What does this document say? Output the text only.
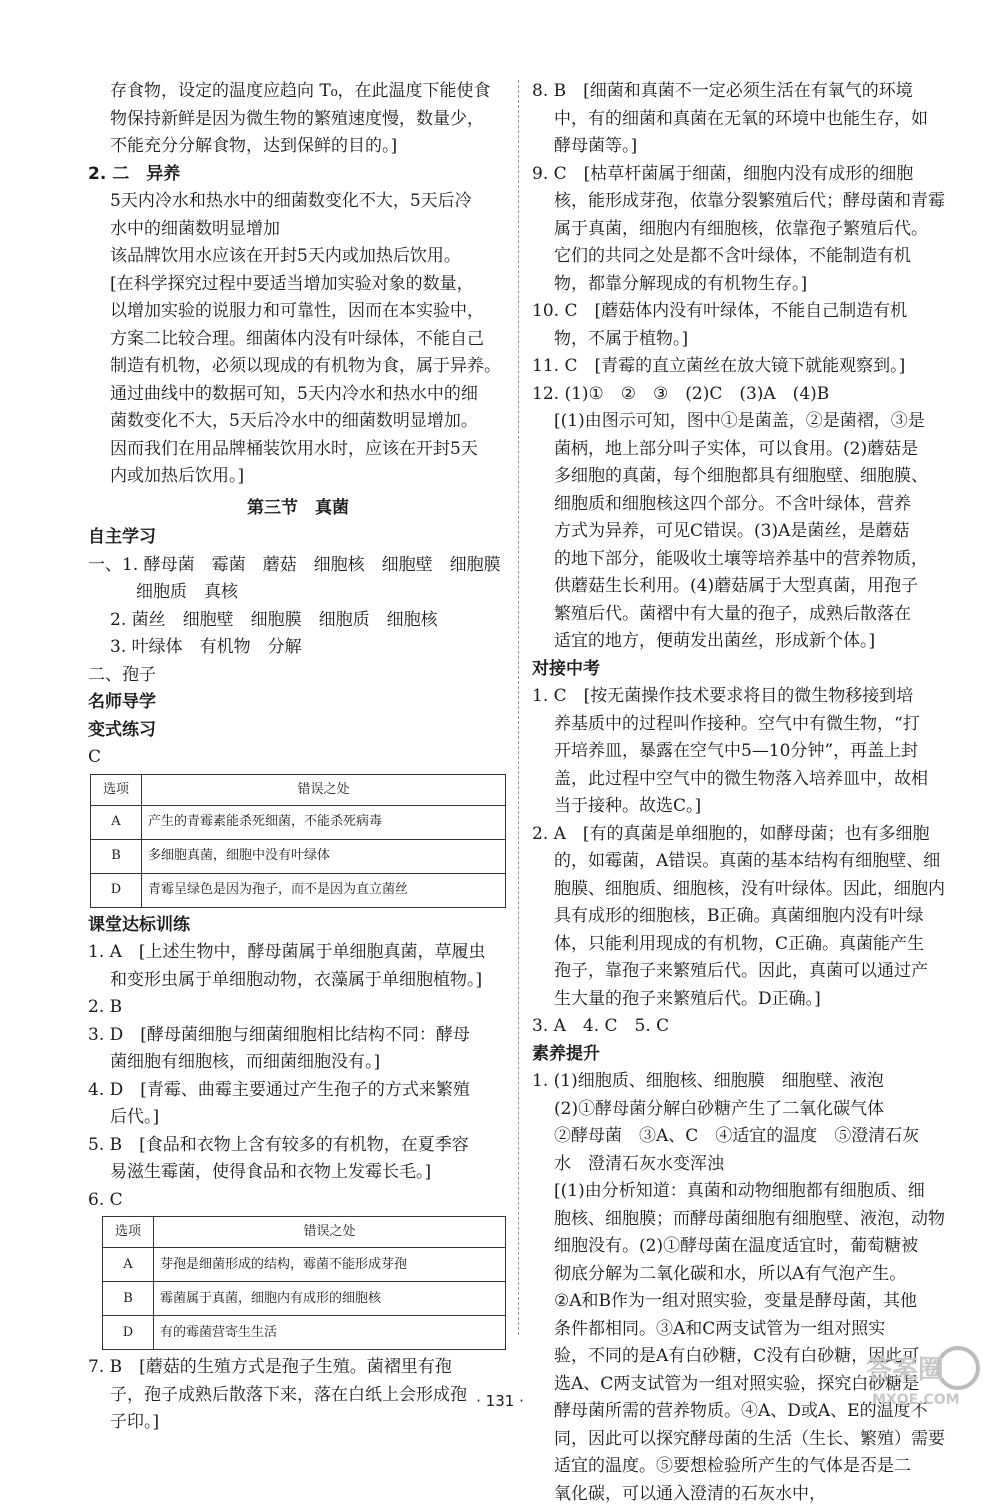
存食物，设定的温度应趋向 T₀，在此温度下能使食

物保持新鲜是因为微生物的繁殖速度慢，数量少，

不能充分分解食物，达到保鲜的目的。]

2. 二　异养

5天内冷水和热水中的细菌数变化不大，5天后冷

水中的细菌数明显增加

该品牌饮用水应该在开封5天内或加热后饮用。

[在科学探究过程中要适当增加实验对象的数量，

以增加实验的说服力和可靠性，因而在本实验中，

方案二比较合理。细菌体内没有叶绿体，不能自己

制造有机物，必须以现成的有机物为食，属于异养。

通过曲线中的数据可知，5天内冷水和热水中的细

菌数变化不大，5天后冷水中的细菌数明显增加。

因而我们在用品牌桶装饮用水时，应该在开封5天

内或加热后饮用。]

第三节　真菌

自主学习

一、1. 酵母菌　霉菌　蘑菇　细胞核　细胞壁　细胞膜

细胞质　真核

2. 菌丝　细胞壁　细胞膜　细胞质　细胞核

3. 叶绿体　有机物　分解

二、孢子

名师导学

变式练习

C

选项	错误之处
A	产生的青霉素能杀死细菌，不能杀死病毒
B	多细胞真菌，细胞中没有叶绿体
D	青霉呈绿色是因为孢子，而不是因为直立菌丝

课堂达标训练

1. A　[上述生物中，酵母菌属于单细胞真菌，草履虫

和变形虫属于单细胞动物，衣藻属于单细胞植物。]

2. B

3. D　[酵母菌细胞与细菌细胞相比结构不同：酵母

菌细胞有细胞核，而细菌细胞没有。]

4. D　[青霉、曲霉主要通过产生孢子的方式来繁殖

后代。]

5. B　[食品和衣物上含有较多的有机物，在夏季容

易滋生霉菌，使得食品和衣物上发霉长毛。]

6. C

选项	错误之处
A	芽孢是细菌形成的结构，霉菌不能形成芽孢
B	霉菌属于真菌，细胞内有成形的细胞核
D	有的霉菌营寄生生活

7. B　[蘑菇的生殖方式是孢子生殖。菌褶里有孢

子，孢子成熟后散落下来，落在白纸上会形成孢

子印。]

8. B　[细菌和真菌不一定必须生活在有氧气的环境

中，有的细菌和真菌在无氧的环境中也能生存，如

酵母菌等。]

9. C　[枯草杆菌属于细菌，细胞内没有成形的细胞

核，能形成芽孢，依靠分裂繁殖后代；酵母菌和青霉

属于真菌，细胞内有细胞核，依靠孢子繁殖后代。

它们的共同之处是都不含叶绿体，不能制造有机

物，都靠分解现成的有机物生存。]

10. C　[蘑菇体内没有叶绿体，不能自己制造有机

物，不属于植物。]

11. C　[青霉的直立菌丝在放大镜下就能观察到。]

12. (1)①　②　③　(2)C　(3)A　(4)B

[(1)由图示可知，图中①是菌盖，②是菌褶，③是

菌柄，地上部分叫子实体，可以食用。(2)蘑菇是

多细胞的真菌，每个细胞都具有细胞壁、细胞膜、

细胞质和细胞核这四个部分。不含叶绿体，营养

方式为异养，可见C错误。(3)A是菌丝，是蘑菇

的地下部分，能吸收土壤等培养基中的营养物质，

供蘑菇生长利用。(4)蘑菇属于大型真菌，用孢子

繁殖后代。菌褶中有大量的孢子，成熟后散落在

适宜的地方，便萌发出菌丝，形成新个体。]

对接中考

1. C　[按无菌操作技术要求将目的微生物移接到培

养基质中的过程叫作接种。空气中有微生物，“打

开培养皿，暴露在空气中5—10分钟”，再盖上封

盖，此过程中空气中的微生物落入培养皿中，故相

当于接种。故选C。]

2. A　[有的真菌是单细胞的，如酵母菌；也有多细胞

的，如霉菌，A错误。真菌的基本结构有细胞壁、细

胞膜、细胞质、细胞核，没有叶绿体。因此，细胞内

具有成形的细胞核，B正确。真菌细胞内没有叶绿

体，只能利用现成的有机物，C正确。真菌能产生

孢子，靠孢子来繁殖后代。因此，真菌可以通过产

生大量的孢子来繁殖后代。D正确。]

3. A　4. C　5. C

素养提升

1. (1)细胞质、细胞核、细胞膜　细胞壁、液泡

(2)①酵母菌分解白砂糖产生了二氧化碳气体

②酵母菌　③A、C　④适宜的温度　⑤澄清石灰

水　澄清石灰水变浑浊

[(1)由分析知道：真菌和动物细胞都有细胞质、细

胞核、细胞膜；而酵母菌细胞有细胞壁、液泡，动物

细胞没有。(2)①酵母菌在温度适宜时，葡萄糖被

彻底分解为二氧化碳和水，所以A有气泡产生。

②A和B作为一组对照实验，变量是酵母菌，其他

条件都相同。③A和C两支试管为一组对照实

验，不同的是A有白砂糖，C没有白砂糖，因此可

选A、C两支试管为一组对照实验，探究白砂糖是

酵母菌所需的营养物质。④A、D或A、E的温度不

同，因此可以探究酵母菌的生活（生长、繁殖）需要

适宜的温度。⑤要想检验所产生的气体是否是二

氧化碳，可以通入澄清的石灰水中，

· 131 ·
答案圈
MXQE.COM
